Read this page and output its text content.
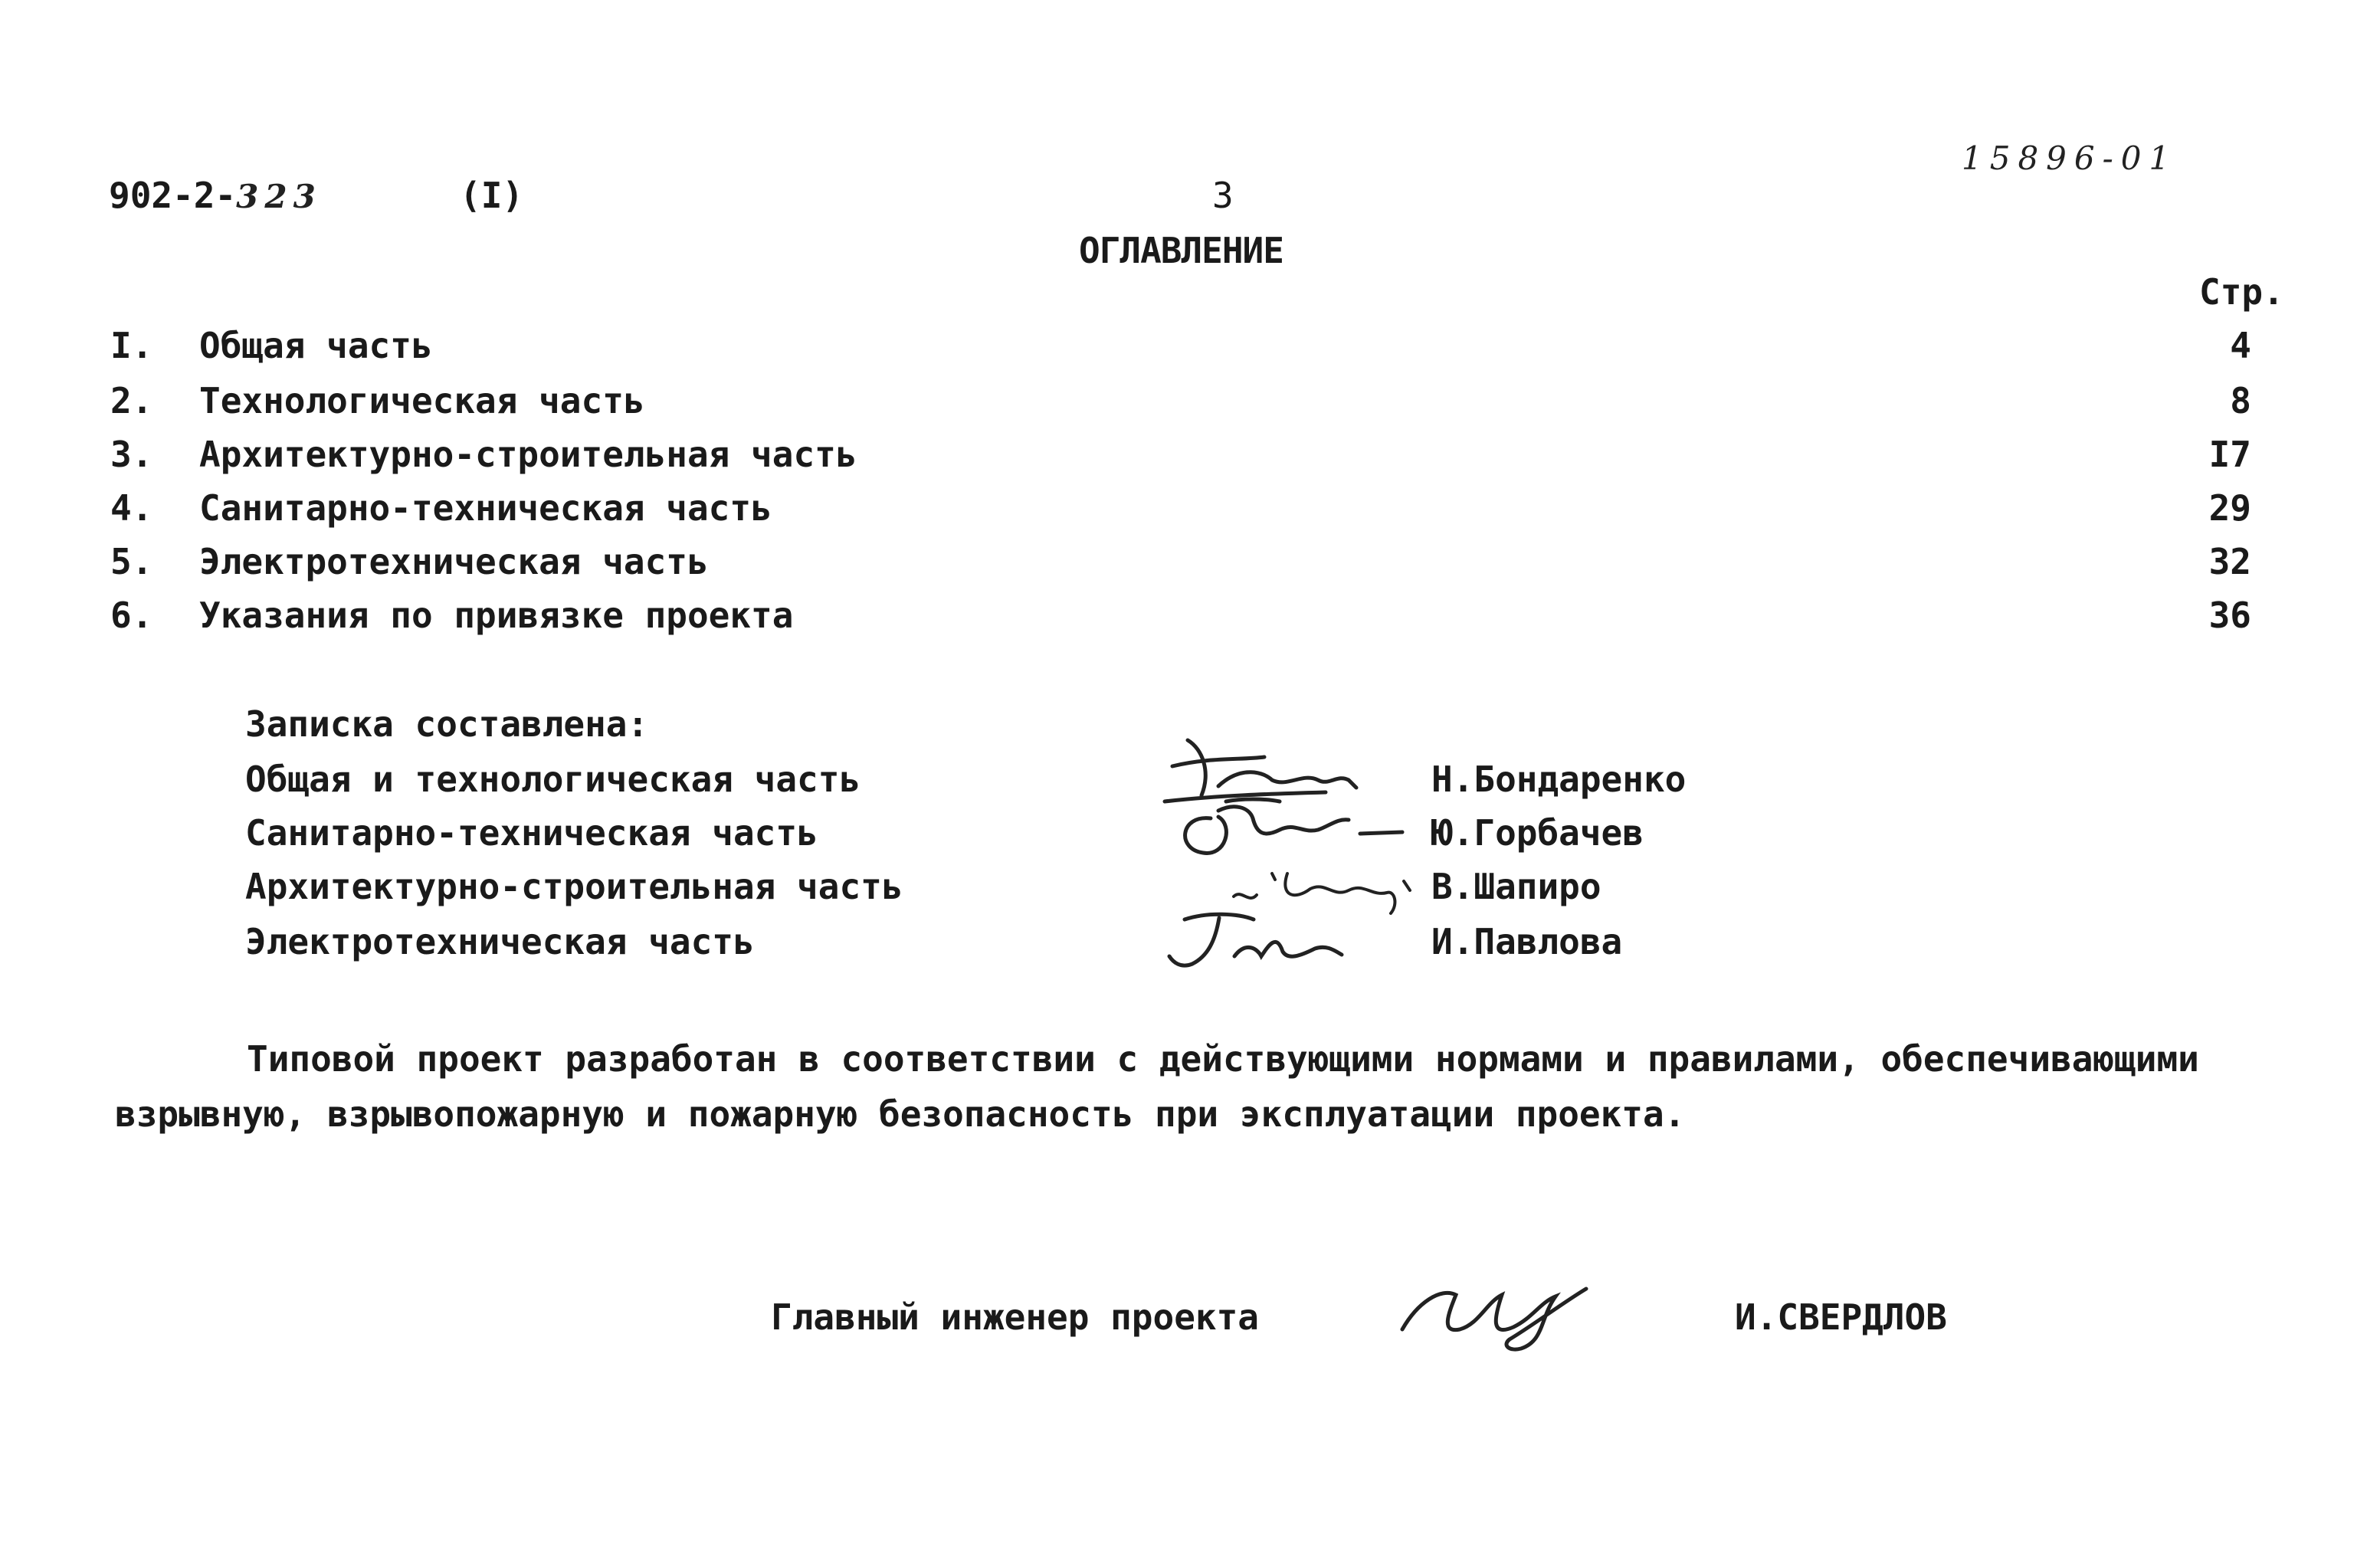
902-2-323	(I)	3
15896-01
ОГЛАВЛЕНИЕ
Стр.
I. Общая часть	4
2. Технологическая часть	8
3. Архитектурно-строительная часть	I7
4. Санитарно-техническая часть	29
5. Электротехническая часть	32
6. Указания по привязке проекта	36
Записка составлена:
Общая и технологическая часть	Н.Бондаренко
Санитарно-техническая часть	Ю.Горбачев
Архитектурно-строительная часть	В.Шапиро
Электротехническая часть	И.Павлова

Типовой проект разработан в соответствии с действующими нормами и правилами, обеспечивающими

взрывную, взрывопожарную и пожарную безопасность при эксплуатации проекта.

Главный инженер проекта	И.СВЕРДЛОВ
